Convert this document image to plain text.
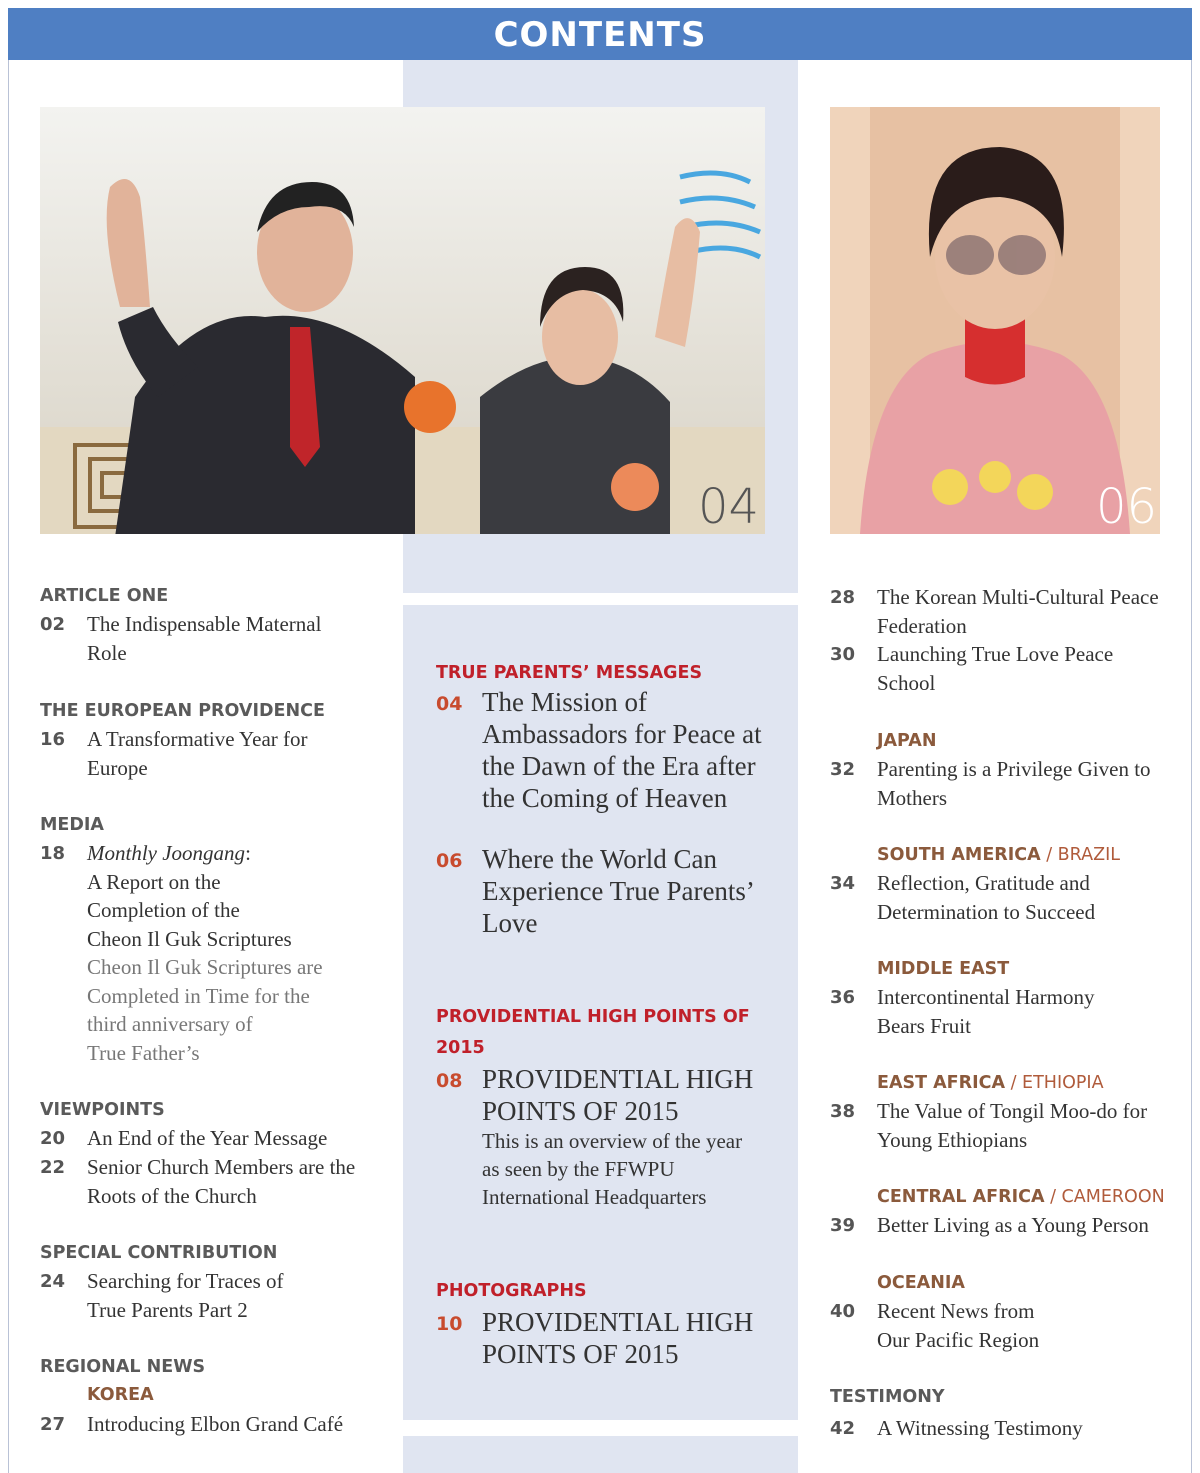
CONTENTS
04	06
ARTICLE ONE
02 The Indispensable Maternal
Role
THE EUROPEAN PROVIDENCE
16 A Transformative Year for
Europe
MEDIA
18 Monthly Joongang:
A Report on the
Completion of the
Cheon Il Guk Scriptures
Cheon Il Guk Scriptures are
Completed in Time for the
third anniversary of
True Father’s
VIEWPOINTS
20 An End of the Year Message
22 Senior Church Members are the
Roots of the Church
SPECIAL CONTRIBUTION
24 Searching for Traces of
True Parents Part 2
REGIONAL NEWS
KOREA
27 Introducing Elbon Grand Café
TRUE PARENTS’ MESSAGES
04 The Mission of
Ambassadors for Peace at
the Dawn of the Era after
the Coming of Heaven
06 Where the World Can
Experience True Parents’
Love
PROVIDENTIAL HIGH POINTS OF
2015
08 PROVIDENTIAL HIGH
POINTS OF 2015
This is an overview of the year
as seen by the FFWPU
International Headquarters
PHOTOGRAPHS
10 PROVIDENTIAL HIGH
POINTS OF 2015
28 The Korean Multi-Cultural Peace
Federation
30 Launching True Love Peace
School
JAPAN
32 Parenting is a Privilege Given to
Mothers
SOUTH AMERICA / BRAZIL
34 Reflection, Gratitude and
Determination to Succeed
MIDDLE EAST
36 Intercontinental Harmony
Bears Fruit
EAST AFRICA / ETHIOPIA
38 The Value of Tongil Moo-do for
Young Ethiopians
CENTRAL AFRICA / CAMEROON
39 Better Living as a Young Person
OCEANIA
40 Recent News from
Our Pacific Region
TESTIMONY
42 A Witnessing Testimony
